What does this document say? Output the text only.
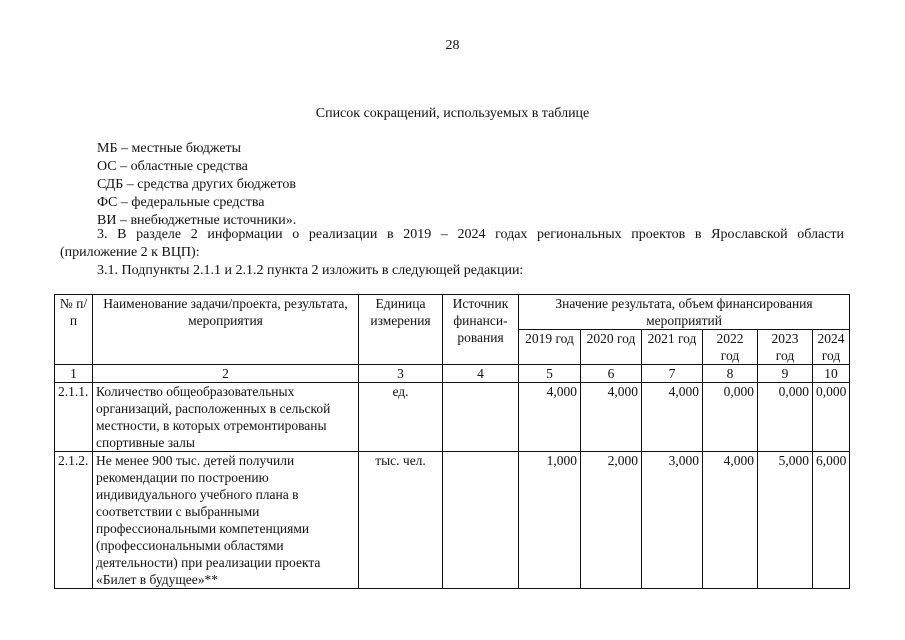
28
Список сокращений, используемых в таблице
МБ – местные бюджеты
ОС – областные средства
СДБ – средства других бюджетов
ФС – федеральные средства
ВИ – внебюджетные источники».
3. В разделе 2 информации о реализации в 2019 – 2024 годах региональных проектов в Ярославской области
(приложение 2 к ВЦП):
3.1. Подпункты 2.1.1 и 2.1.2 пункта 2 изложить в следующей редакции:
№ п/п	Наименование задачи/проекта, результата, мероприятия	Единица измерения	Источник финанси- рования	Значение результата, объем финансирования мероприятий					

				2019 год	2020 год	2021 год	2022 год	2023 год	2024 год
1	2	3	4	5	6	7	8	9	10
2.1.1.	Количество общеобразовательных организаций, расположенных в сельской местности, в которых отремонтированы спортивные залы	ед.		4,000	4,000	4,000	0,000	0,000	0,000
2.1.2.	Не менее 900 тыс. детей получили рекомендации по построению индивидуального учебного плана в соответствии с выбранными профессиональными компетенциями (профессиональными областями деятельности) при реализации проекта «Билет в будущее»**	тыс. чел.		1,000	2,000	3,000	4,000	5,000	6,000
